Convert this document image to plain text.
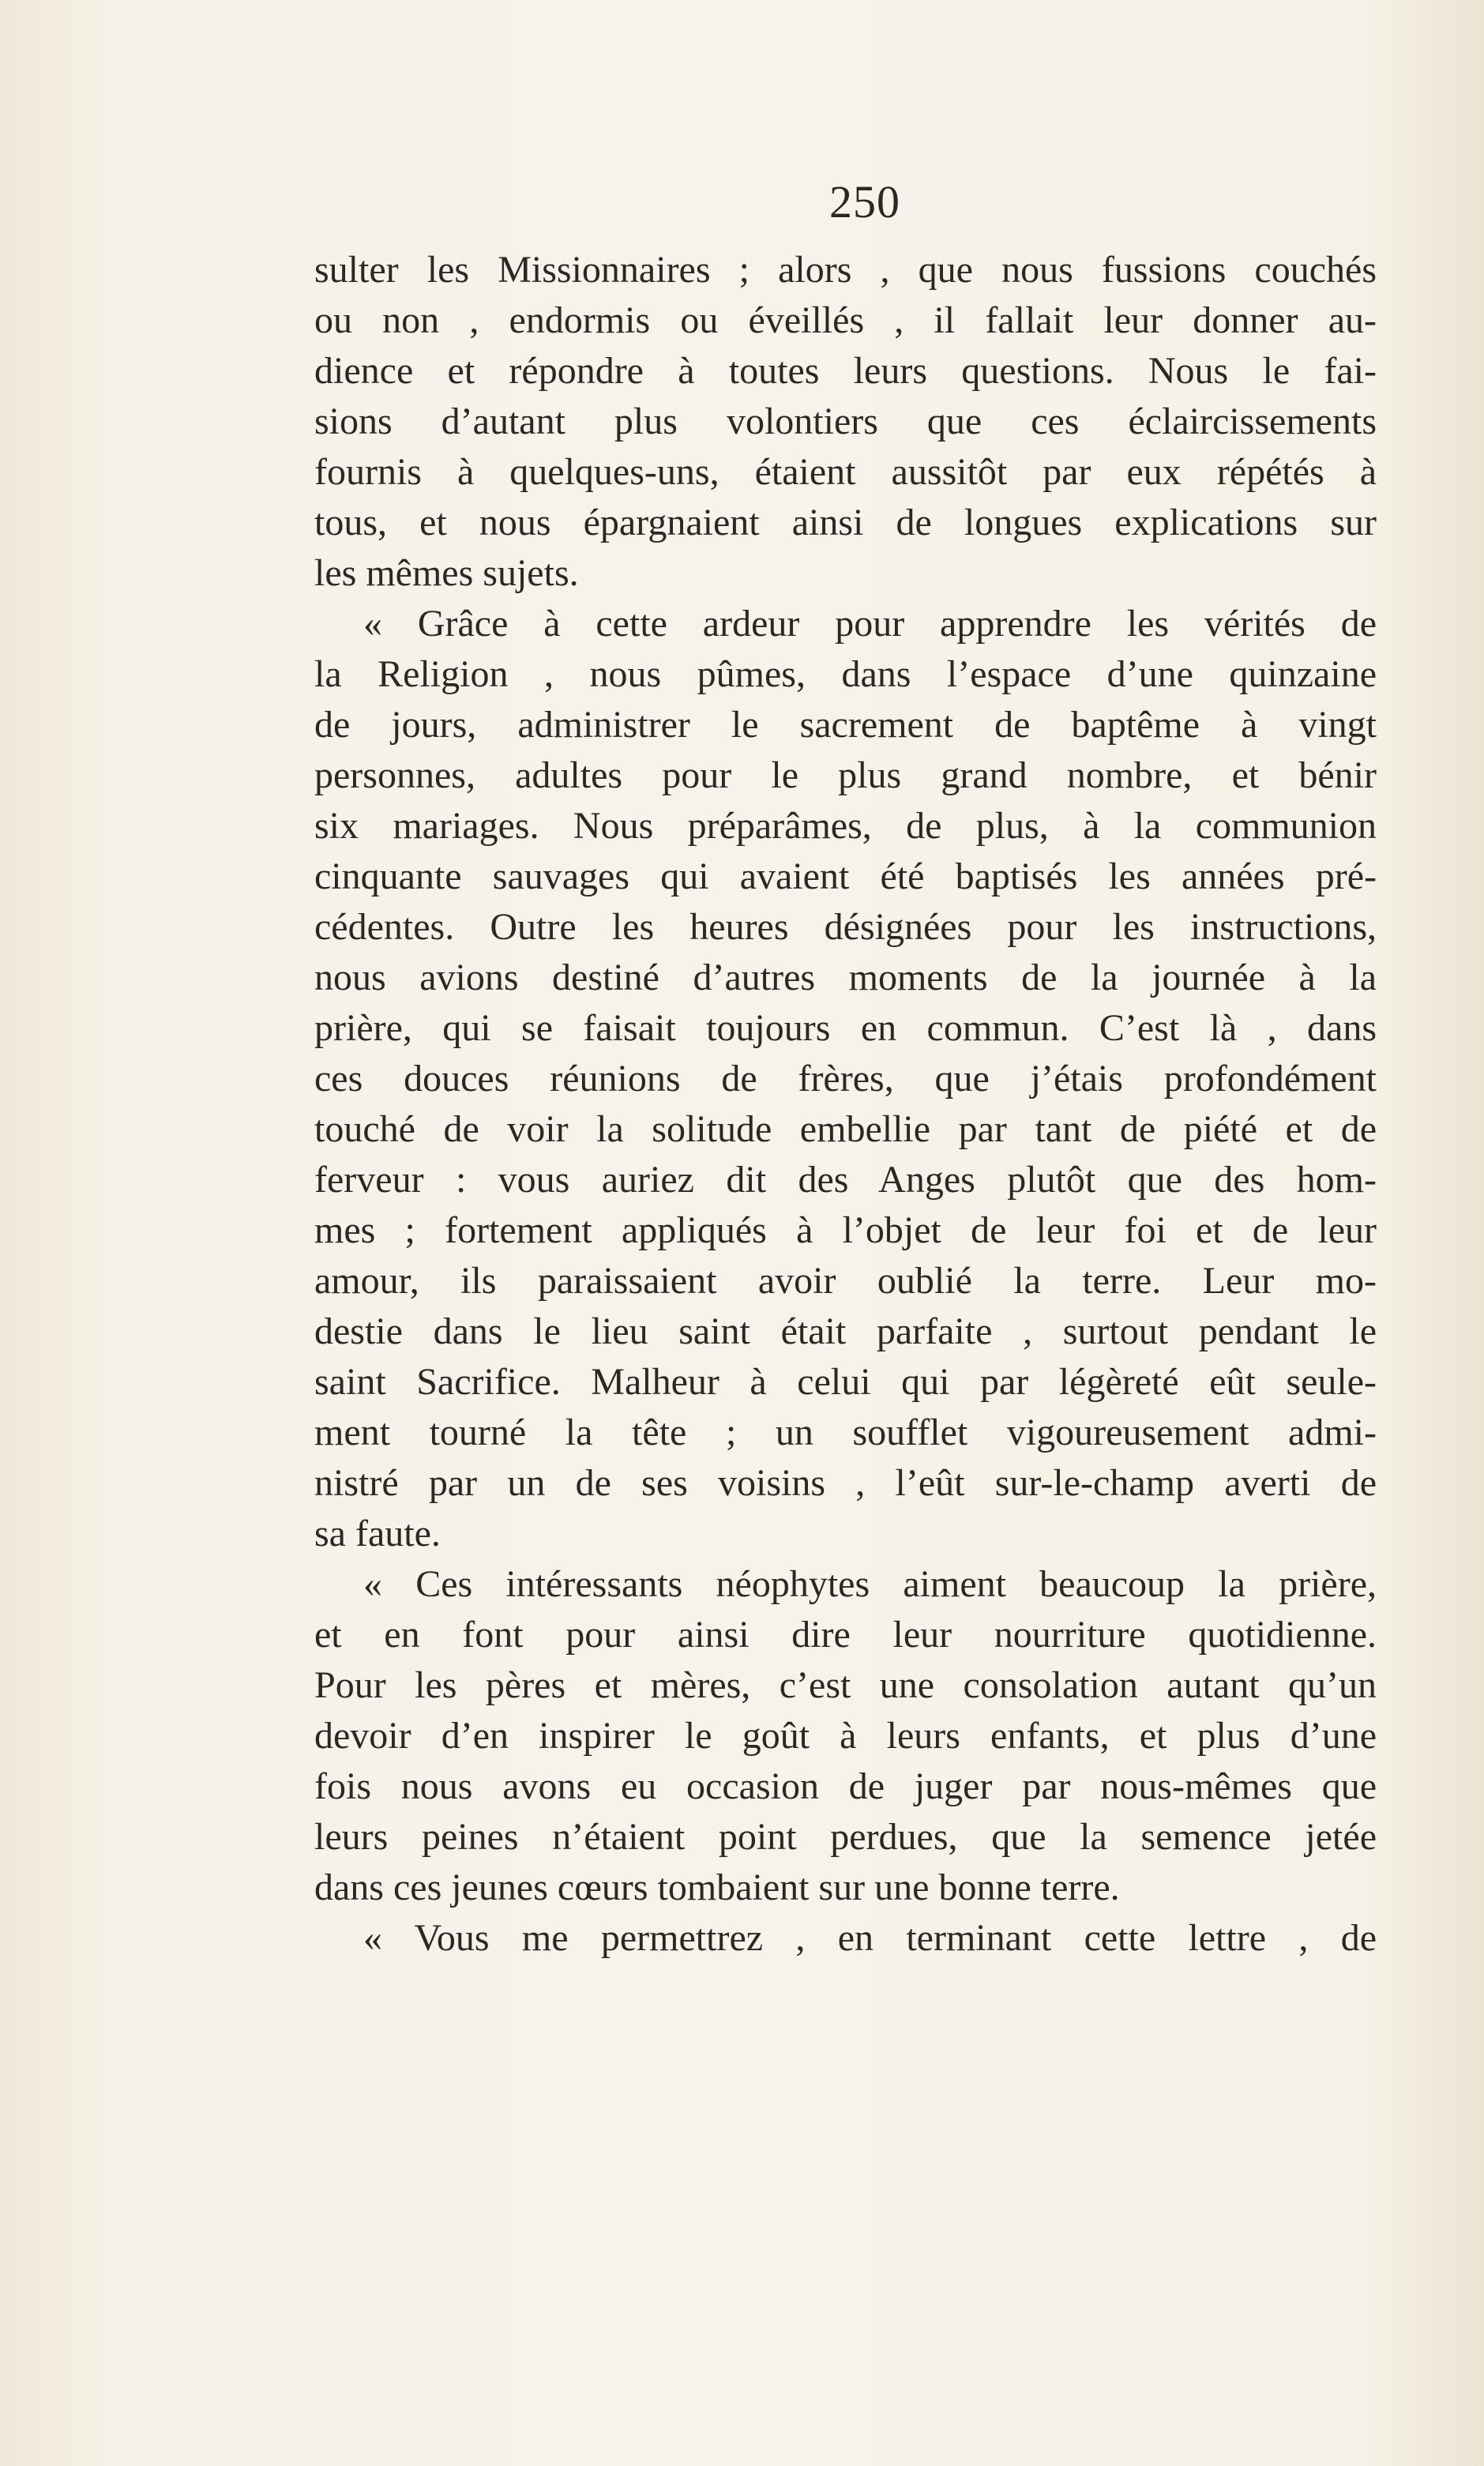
250
sulter les Missionnaires ; alors , que nous fussions couchés
ou non , endormis ou éveillés , il fallait leur donner au-
dience et répondre à toutes leurs questions. Nous le fai-
sions d’autant plus volontiers que ces éclaircissements
fournis à quelques-uns, étaient aussitôt par eux répétés à
tous, et nous épargnaient ainsi de longues explications sur
les mêmes sujets.
« Grâce à cette ardeur pour apprendre les vérités de
la Religion , nous pûmes, dans l’espace d’une quinzaine
de jours, administrer le sacrement de baptême à vingt
personnes, adultes pour le plus grand nombre, et bénir
six mariages. Nous préparâmes, de plus, à la communion
cinquante sauvages qui avaient été baptisés les années pré-
cédentes. Outre les heures désignées pour les instructions,
nous avions destiné d’autres moments de la journée à la
prière, qui se faisait toujours en commun. C’est là , dans
ces douces réunions de frères, que j’étais profondément
touché de voir la solitude embellie par tant de piété et de
ferveur : vous auriez dit des Anges plutôt que des hom-
mes ; fortement appliqués à l’objet de leur foi et de leur
amour, ils paraissaient avoir oublié la terre. Leur mo-
destie dans le lieu saint était parfaite , surtout pendant le
saint Sacrifice. Malheur à celui qui par légèreté eût seule-
ment tourné la tête ; un soufflet vigoureusement admi-
nistré par un de ses voisins , l’eût sur-le-champ averti de
sa faute.
« Ces intéressants néophytes aiment beaucoup la prière,
et en font pour ainsi dire leur nourriture quotidienne.
Pour les pères et mères, c’est une consolation autant qu’un
devoir d’en inspirer le goût à leurs enfants, et plus d’une
fois nous avons eu occasion de juger par nous-mêmes que
leurs peines n’étaient point perdues, que la semence jetée
dans ces jeunes cœurs tombaient sur une bonne terre.
« Vous me permettrez , en terminant cette lettre , de
